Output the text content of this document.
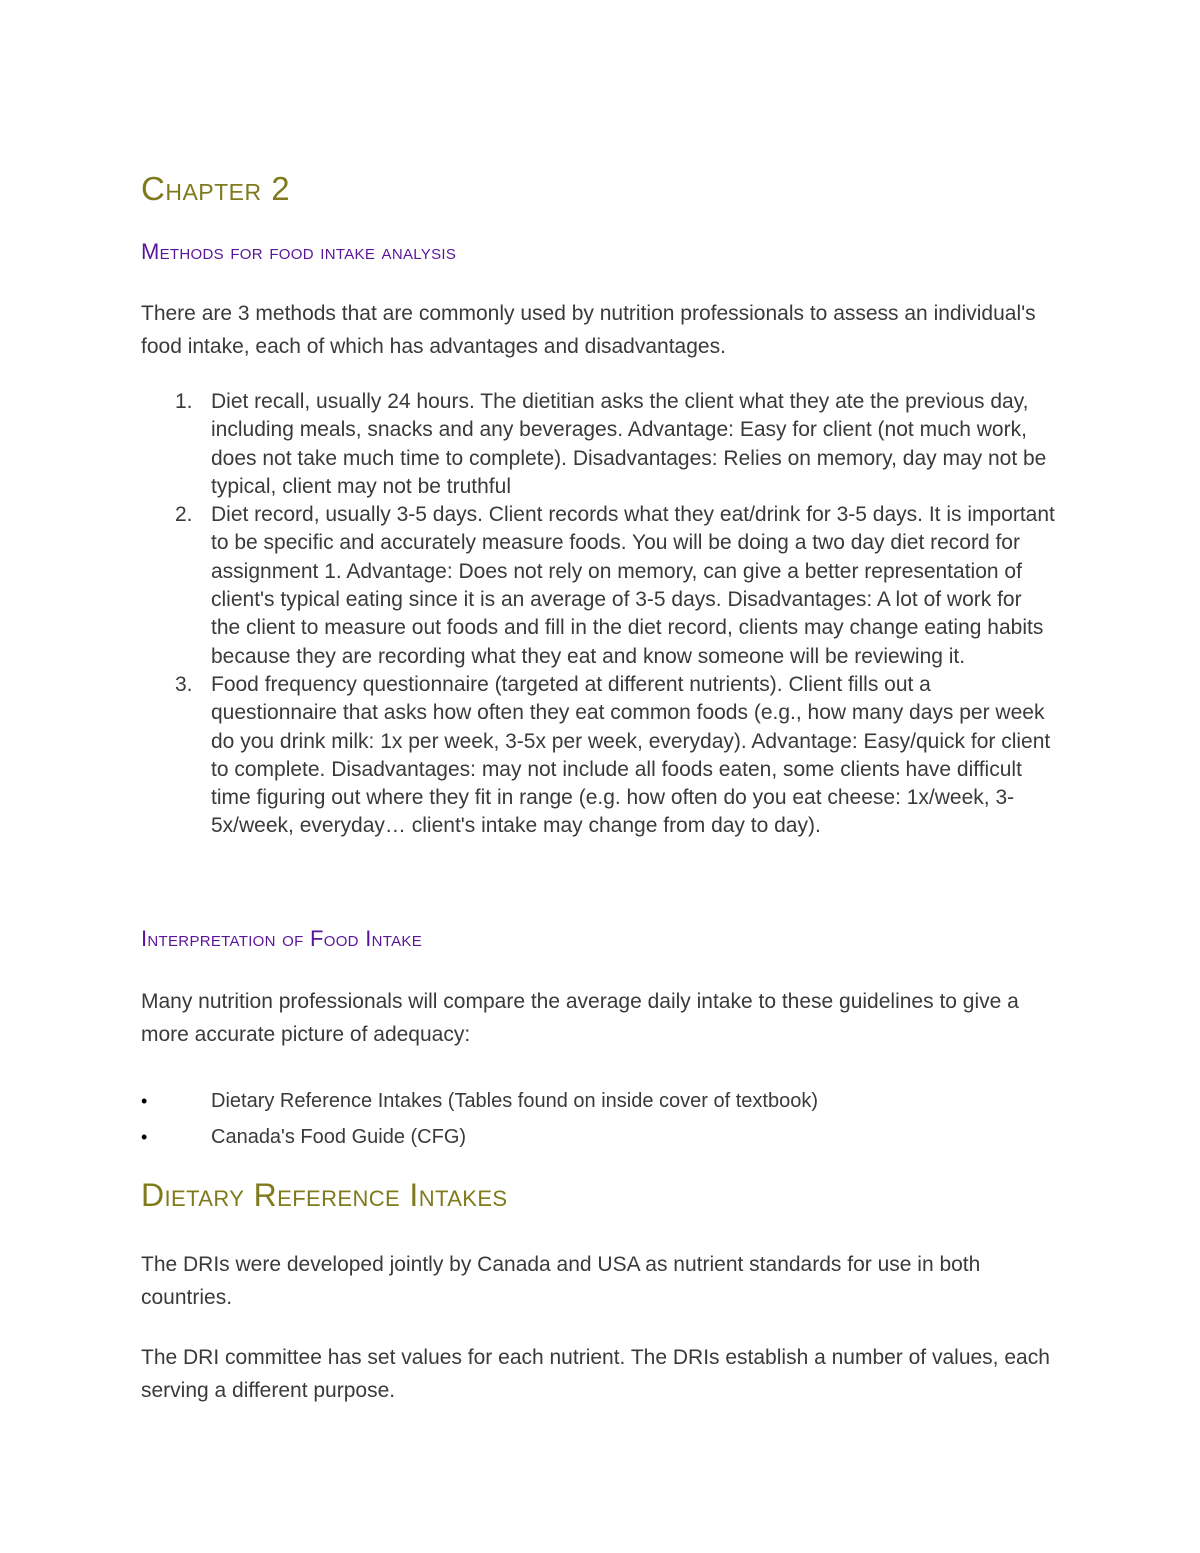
Chapter 2
Methods for food intake analysis

There are 3 methods that are commonly used by nutrition professionals to assess an individual's food intake, each of which has advantages and disadvantages.

1. Diet recall, usually 24 hours. The dietitian asks the client what they ate the previous day, including meals, snacks and any beverages. Advantage: Easy for client (not much work, does not take much time to complete). Disadvantages: Relies on memory, day may not be typical, client may not be truthful
2. Diet record, usually 3-5 days. Client records what they eat/drink for 3-5 days. It is important to be specific and accurately measure foods. You will be doing a two day diet record for assignment 1. Advantage: Does not rely on memory, can give a better representation of client's typical eating since it is an average of 3-5 days. Disadvantages: A lot of work for the client to measure out foods and fill in the diet record, clients may change eating habits because they are recording what they eat and know someone will be reviewing it.
3. Food frequency questionnaire (targeted at different nutrients). Client fills out a questionnaire that asks how often they eat common foods (e.g., how many days per week do you drink milk: 1x per week, 3-5x per week, everyday). Advantage: Easy/quick for client to complete. Disadvantages: may not include all foods eaten, some clients have difficult time figuring out where they fit in range (e.g. how often do you eat cheese: 1x/week, 3-5x/week, everyday… client's intake may change from day to day).
Interpretation of Food Intake

Many nutrition professionals will compare the average daily intake to these guidelines to give a more accurate picture of adequacy:

•	Dietary Reference Intakes (Tables found on inside cover of textbook)
•	Canada's Food Guide (CFG)
Dietary Reference Intakes

The DRIs were developed jointly by Canada and USA as nutrient standards for use in both countries.

The DRI committee has set values for each nutrient. The DRIs establish a number of values, each serving a different purpose.
